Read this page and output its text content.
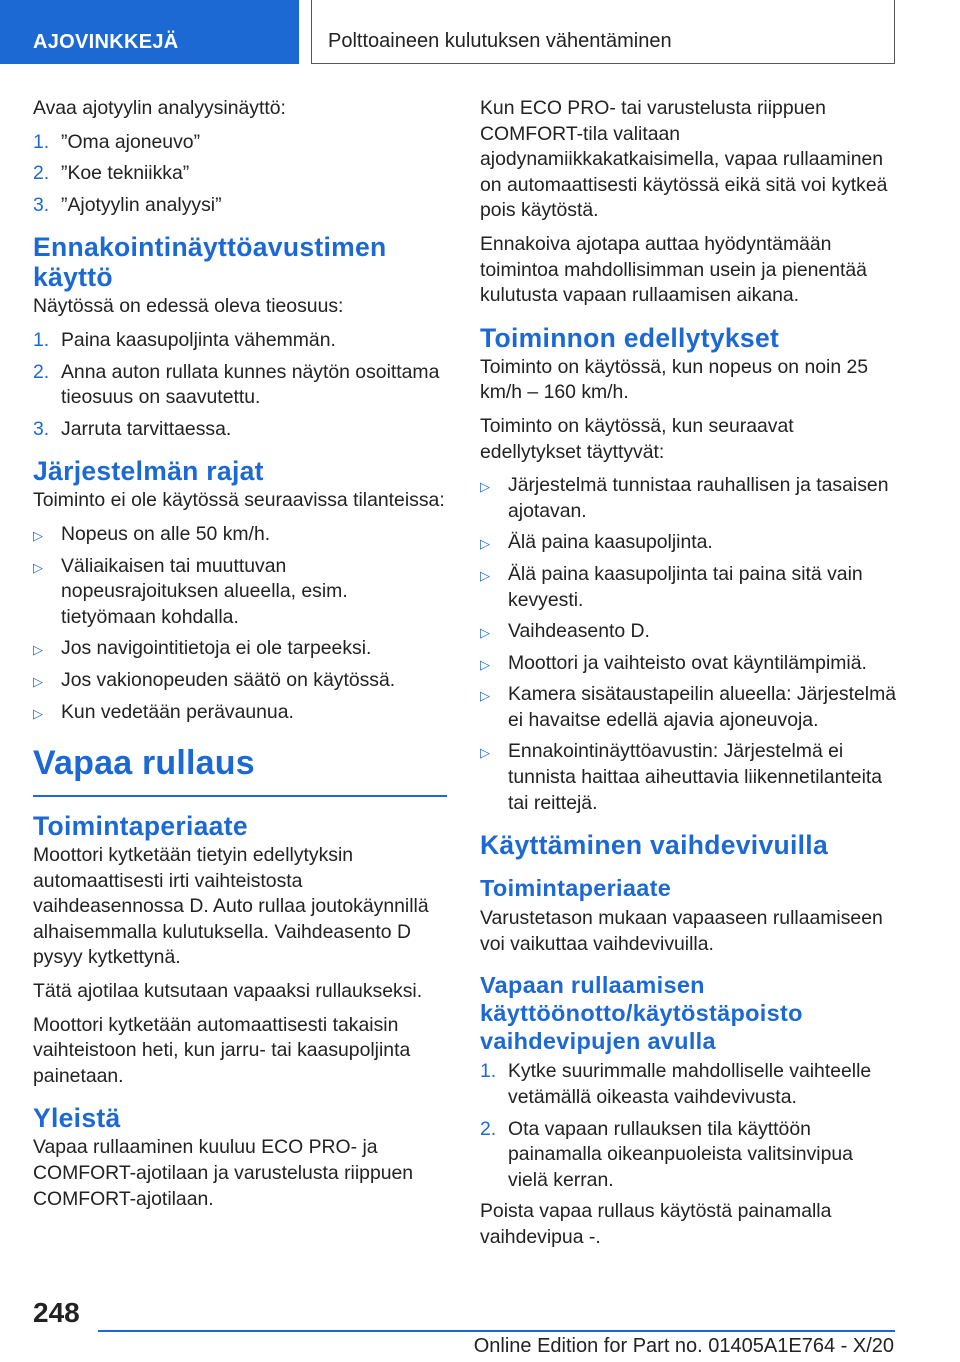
AJOVINKKEJÄ	Polttoaineen kulutuksen vähentäminen

Avaa ajotyylin analyysinäyttö:

1. ”Oma ajoneuvo”
2. ”Koe tekniikka”
3. ”Ajotyylin analyysi”
Ennakointinäyttöavustimen käyttö

Näytössä on edessä oleva tieosuus:

1. Paina kaasupoljinta vähemmän.
2. Anna auton rullata kunnes näytön osoittama tieosuus on saavutettu.
3. Jarruta tarvittaessa.
Järjestelmän rajat

Toiminto ei ole käytössä seuraavissa tilanteissa:

▷ Nopeus on alle 50 km/h.
▷ Väliaikaisen tai muuttuvan nopeusrajoituksen alueella, esim. tietyömaan kohdalla.
▷ Jos navigointitietoja ei ole tarpeeksi.
▷ Jos vakionopeuden säätö on käytössä.
▷ Kun vedetään perävaunua.
Vapaa rullaus
Toimintaperiaate

Moottori kytketään tietyin edellytyksin automaattisesti irti vaihteistosta vaihdeasennossa D. Auto rullaa joutokäynnillä alhaisemmalla kulutuksella. Vaihdeasento D pysyy kytkettynä.

Tätä ajotilaa kutsutaan vapaaksi rullaukseksi.

Moottori kytketään automaattisesti takaisin vaihteistoon heti, kun jarru- tai kaasupoljinta painetaan.

Yleistä

Vapaa rullaaminen kuuluu ECO PRO- ja COMFORT-ajotilaan ja varustelusta riippuen COMFORT-ajotilaan.

Kun ECO PRO- tai varustelusta riippuen COMFORT-tila valitaan ajodynamiikkakatkaisimella, vapaa rullaaminen on automaattisesti käytössä eikä sitä voi kytkeä pois käytöstä.

Ennakoiva ajotapa auttaa hyödyntämään toimintoa mahdollisimman usein ja pienentää kulutusta vapaan rullaamisen aikana.

Toiminnon edellytykset

Toiminto on käytössä, kun nopeus on noin 25 km/h – 160 km/h.

Toiminto on käytössä, kun seuraavat edellytykset täyttyvät:

▷ Järjestelmä tunnistaa rauhallisen ja tasaisen ajotavan.
▷ Älä paina kaasupoljinta.
▷ Älä paina kaasupoljinta tai paina sitä vain kevyesti.
▷ Vaihdeasento D.
▷ Moottori ja vaihteisto ovat käyntilämpimiä.
▷ Kamera sisätaustapeilin alueella: Järjestelmä ei havaitse edellä ajavia ajoneuvoja.
▷ Ennakointinäyttöavustin: Järjestelmä ei tunnista haittaa aiheuttavia liikennetilanteita tai reittejä.
Käyttäminen vaihdevivuilla
Toimintaperiaate

Varustetason mukaan vapaaseen rullaamiseen voi vaikuttaa vaihdevivuilla.

Vapaan rullaamisen käyttöönotto/käytöstäpoisto vaihdevipujen avulla
1. Kytke suurimmalle mahdolliselle vaihteelle vetämällä oikeasta vaihdevivusta.
2. Ota vapaan rullauksen tila käyttöön painamalla oikeanpuoleista valitsinvipua vielä kerran.

Poista vapaa rullaus käytöstä painamalla vaihdevipua -.

248
Online Edition for Part no. 01405A1E764 - X/20
